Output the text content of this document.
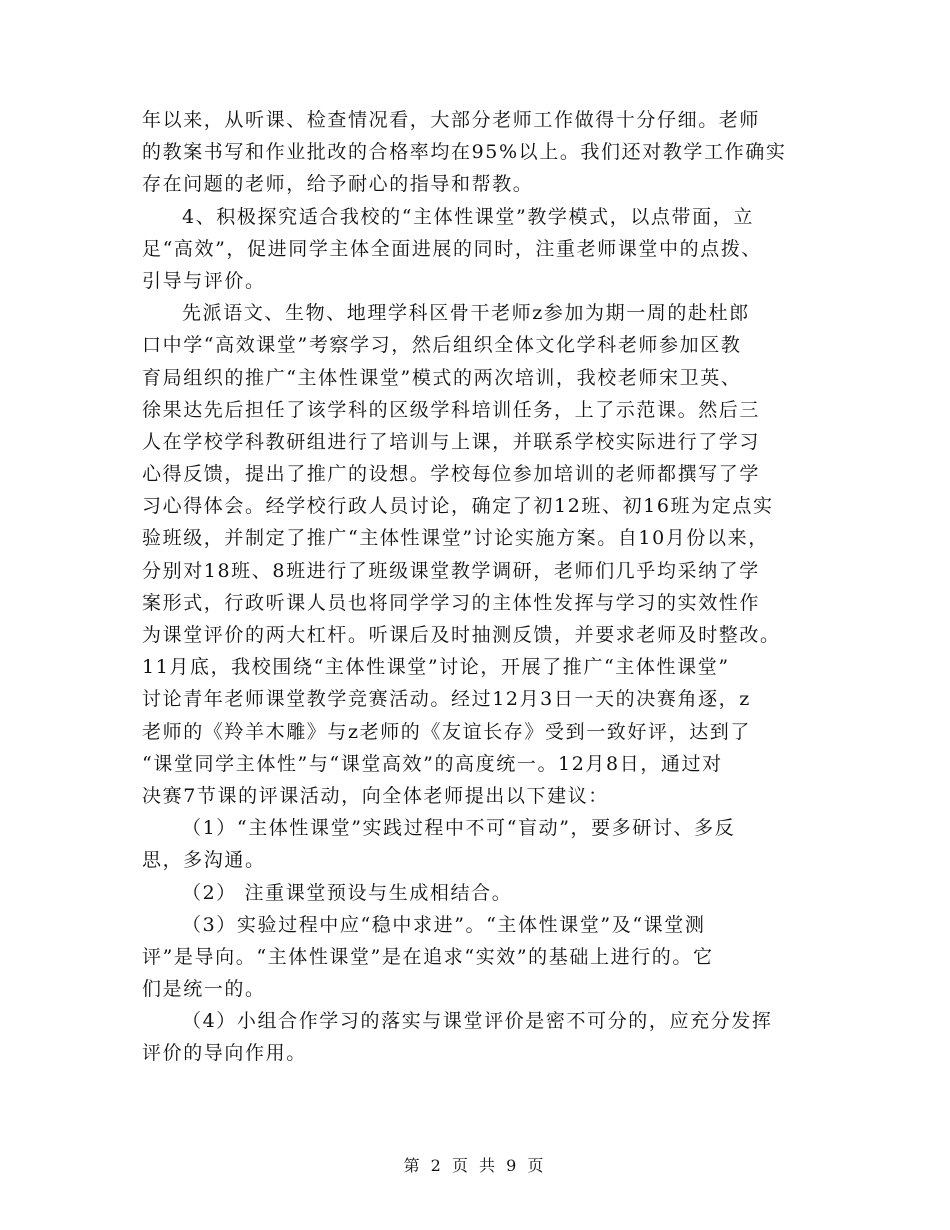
年以来，从听课、检查情况看，大部分老师工作做得十分仔细。老师
的教案书写和作业批改的合格率均在95%以上。我们还对教学工作确实
存在问题的老师，给予耐心的指导和帮教。
4、积极探究适合我校的“主体性课堂”教学模式，以点带面，立
足“高效”，促进同学主体全面进展的同时，注重老师课堂中的点拨、
引导与评价。
先派语文、生物、地理学科区骨干老师z参加为期一周的赴杜郎
口中学“高效课堂”考察学习，然后组织全体文化学科老师参加区教
育局组织的推广“主体性课堂”模式的两次培训，我校老师宋卫英、
徐果达先后担任了该学科的区级学科培训任务，上了示范课。然后三
人在学校学科教研组进行了培训与上课，并联系学校实际进行了学习
心得反馈，提出了推广的设想。学校每位参加培训的老师都撰写了学
习心得体会。经学校行政人员讨论，确定了初12班、初16班为定点实
验班级，并制定了推广“主体性课堂”讨论实施方案。自10月份以来，
分别对18班、8班进行了班级课堂教学调研，老师们几乎均采纳了学
案形式，行政听课人员也将同学学习的主体性发挥与学习的实效性作
为课堂评价的两大杠杆。听课后及时抽测反馈，并要求老师及时整改。
11月底，我校围绕“主体性课堂”讨论，开展了推广“主体性课堂”
讨论青年老师课堂教学竞赛活动。经过12月3日一天的决赛角逐，z
老师的《羚羊木雕》与z老师的《友谊长存》受到一致好评，达到了
“课堂同学主体性”与“课堂高效”的高度统一。12月8日，通过对
决赛7节课的评课活动，向全体老师提出以下建议：
（1）“主体性课堂”实践过程中不可“盲动”，要多研讨、多反
思，多沟通。
（2） 注重课堂预设与生成相结合。
（3）实验过程中应“稳中求进”。“主体性课堂”及“课堂测
评”是导向。“主体性课堂”是在追求“实效”的基础上进行的。它
们是统一的。
（4）小组合作学习的落实与课堂评价是密不可分的，应充分发挥
评价的导向作用。
第 2 页 共 9 页
